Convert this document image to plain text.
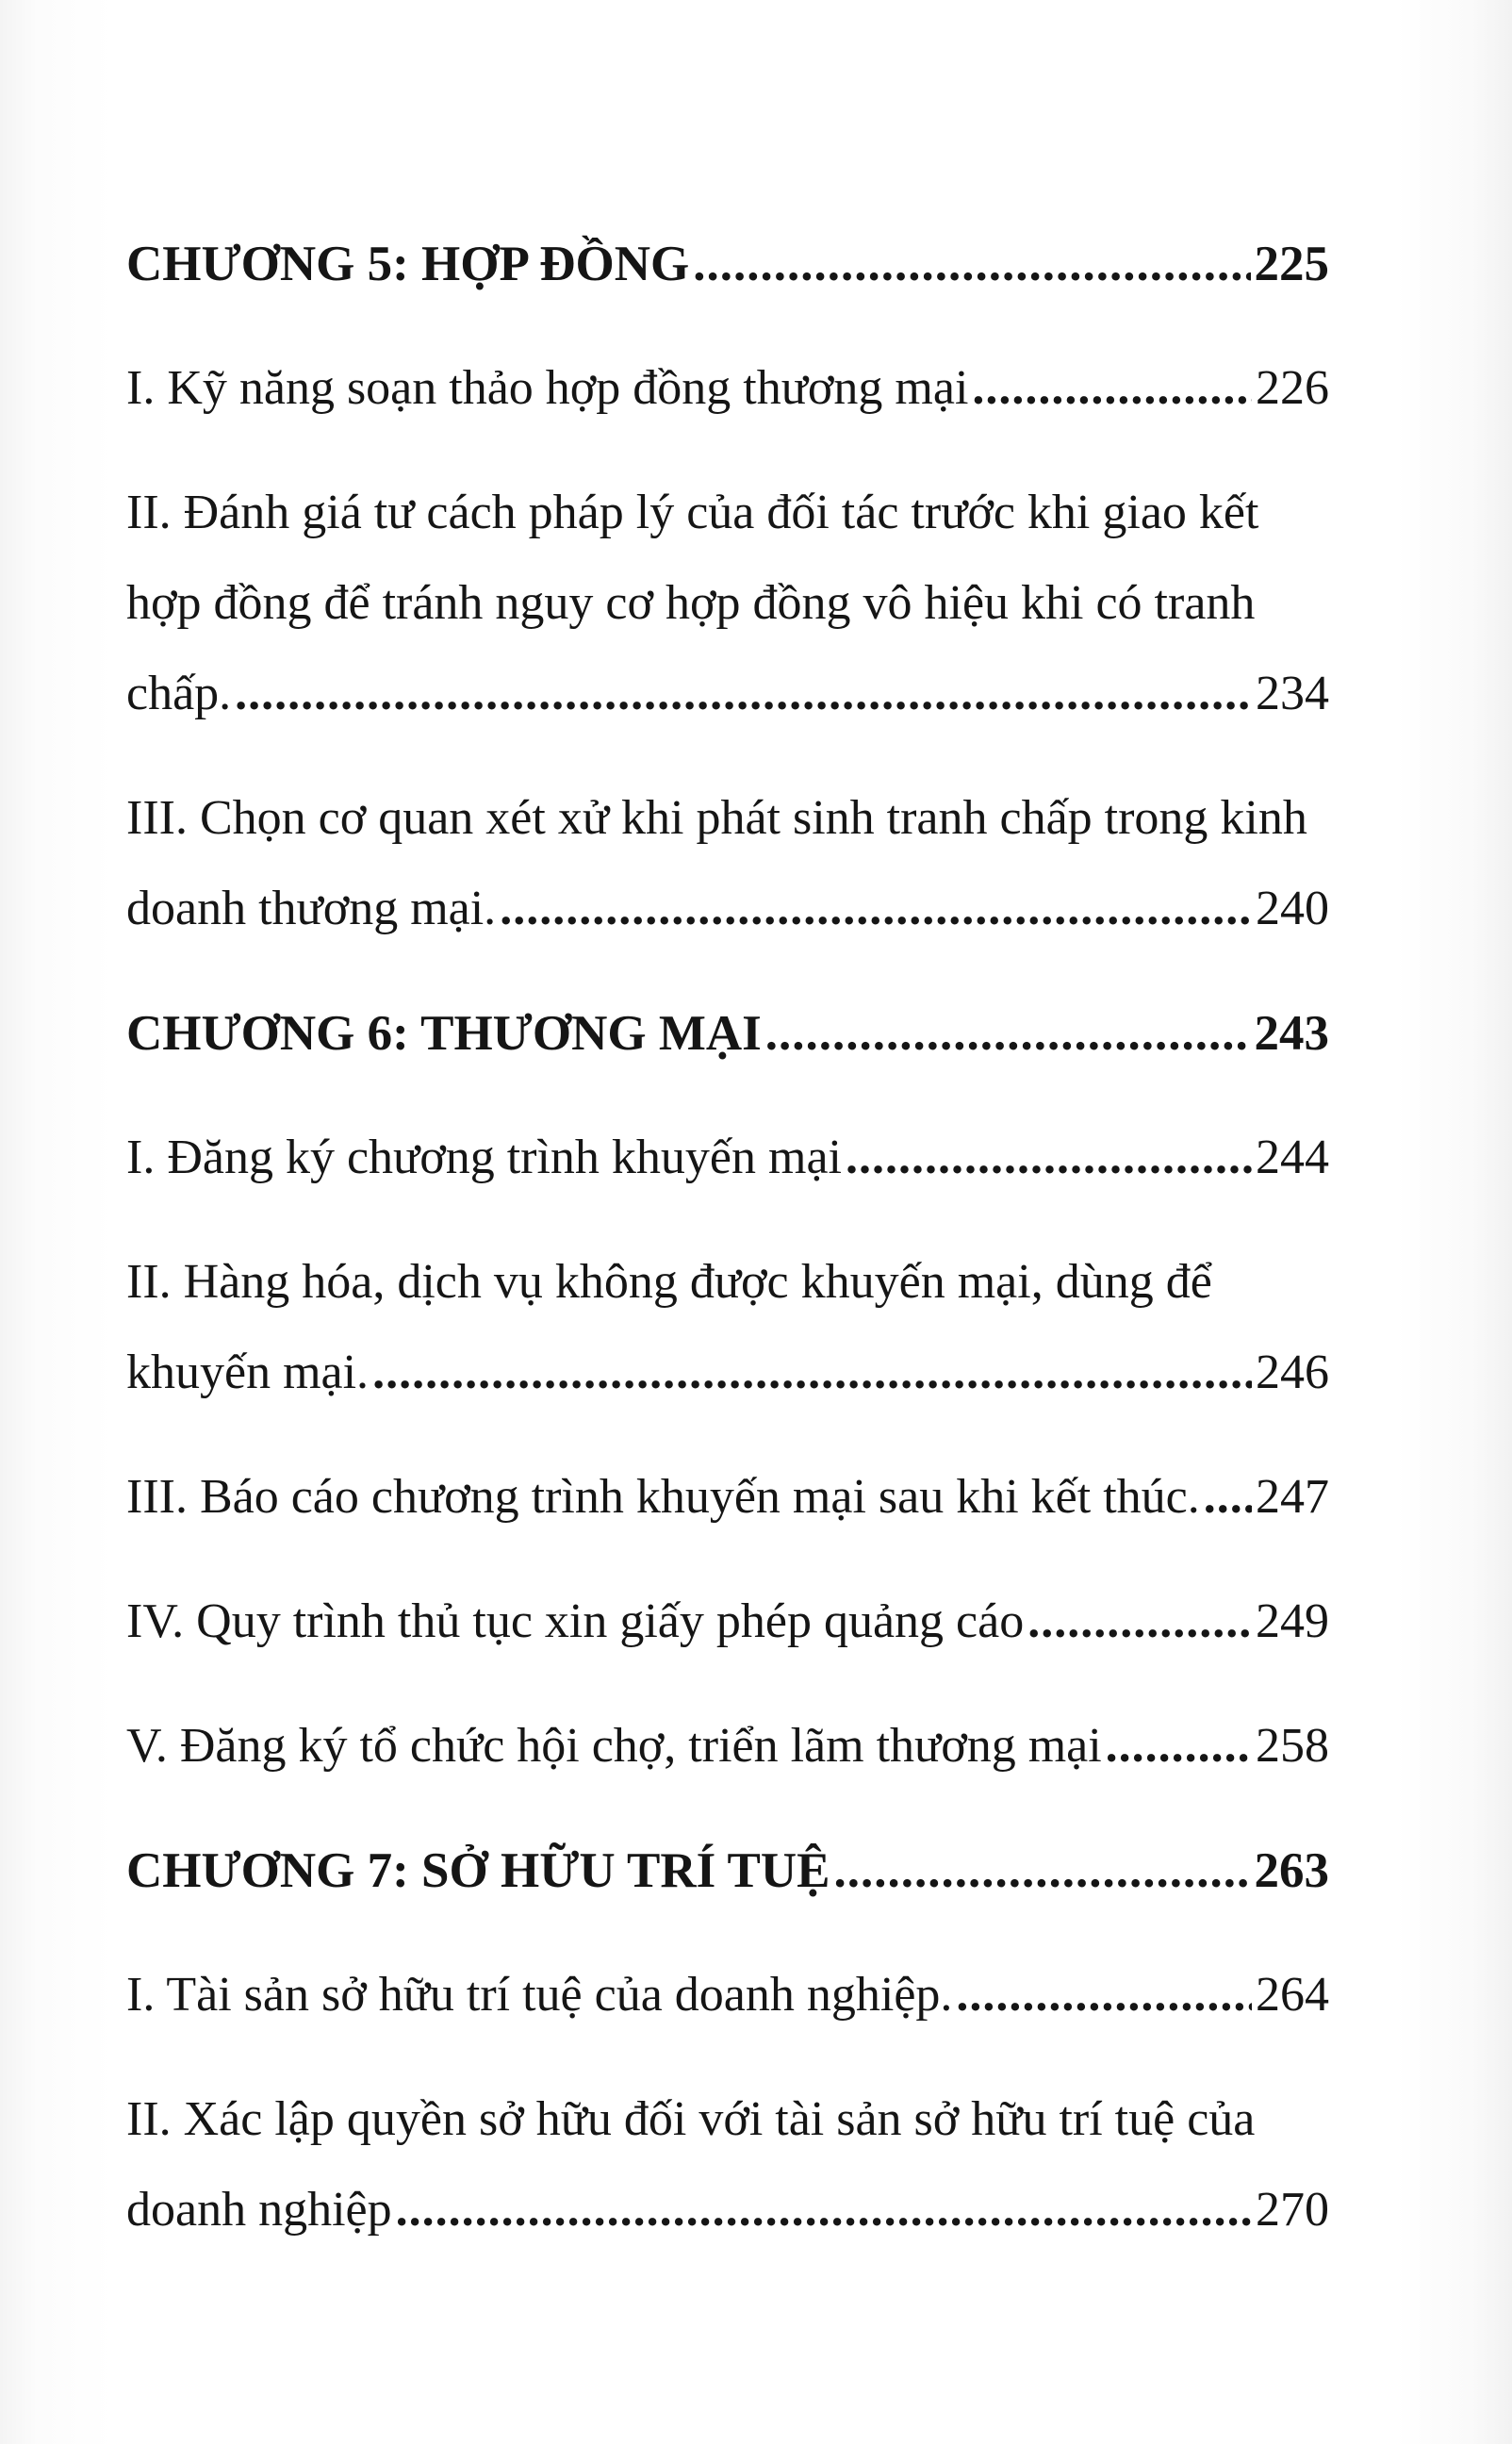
CHƯƠNG 5: HỢP ĐỒNG .....	225
I. Kỹ năng soạn thảo hợp đồng thương mại .....	226
II. Đánh giá tư cách pháp lý của đối tác trước khi giao kết
hợp đồng để tránh nguy cơ hợp đồng vô hiệu khi có tranh
chấp. .....	234
III. Chọn cơ quan xét xử khi phát sinh tranh chấp trong kinh
doanh thương mại. .....	240
CHƯƠNG 6: THƯƠNG MẠI .....	243
I. Đăng ký chương trình khuyến mại .....	244
II. Hàng hóa, dịch vụ không được khuyến mại, dùng để
khuyến mại. .....	246
III. Báo cáo chương trình khuyến mại sau khi kết thúc. ..... 247
IV. Quy trình thủ tục xin giấy phép quảng cáo .....	249
V. Đăng ký tổ chức hội chợ, triển lãm thương mại .....	258
CHƯƠNG 7: SỞ HỮU TRÍ TUỆ .....	263
I. Tài sản sở hữu trí tuệ của doanh nghiệp. .....	264
II. Xác lập quyền sở hữu đối với tài sản sở hữu trí tuệ của
doanh nghiệp .....	270
